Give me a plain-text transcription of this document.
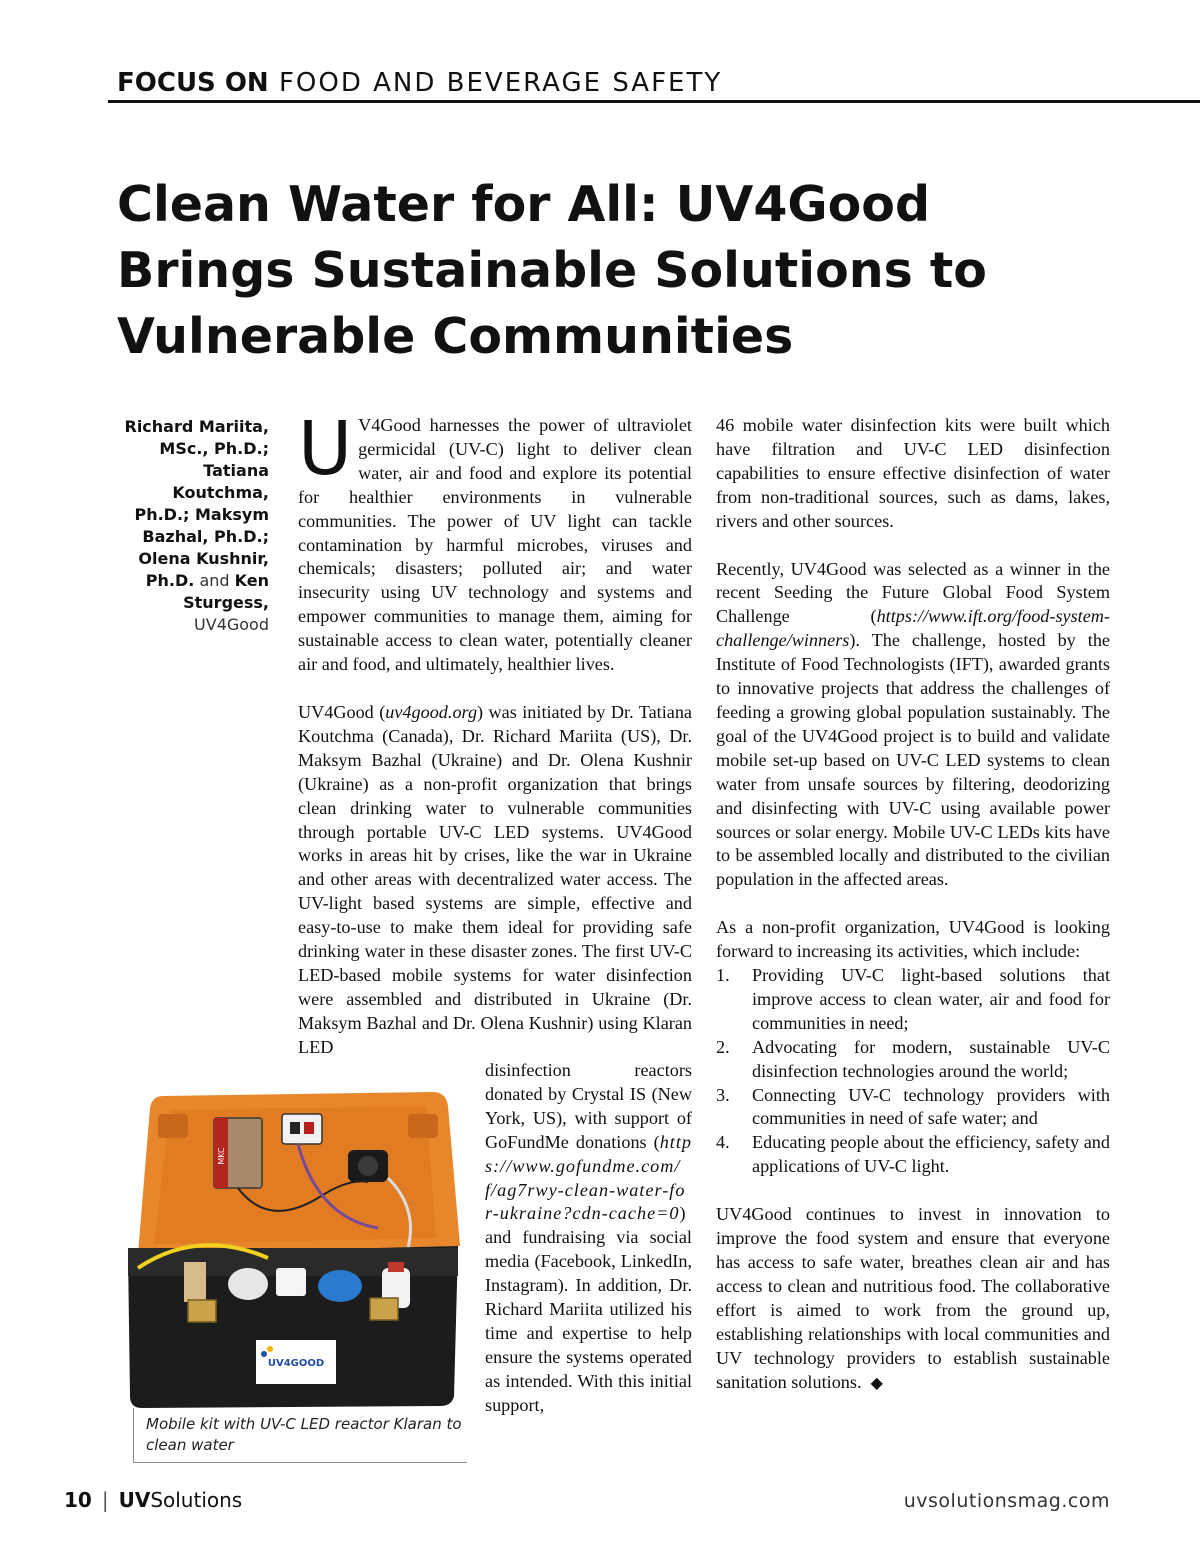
FOCUS ON FOOD AND BEVERAGE SAFETY
Clean Water for All: UV4Good Brings Sustainable Solutions to Vulnerable Communities
Richard Mariita, MSc., Ph.D.; Tatiana Koutchma, Ph.D.; Maksym Bazhal, Ph.D.; Olena Kushnir, Ph.D. and Ken Sturgess,
UV4Good

U V4Good harnesses the power of ultraviolet germicidal (UV-C) light to deliver clean water, air and food and explore its potential for healthier environments in vulnerable communities. The power of UV light can tackle contamination by harmful microbes, viruses and chemicals; disasters; polluted air; and water insecurity using UV technology and systems and empower communities to manage them, aiming for sustainable access to clean water, potentially cleaner air and food, and ultimately, healthier lives.

UV4Good (uv4good.org) was initiated by Dr. Tatiana Koutchma (Canada), Dr. Richard Mariita (US), Dr. Maksym Bazhal (Ukraine) and Dr. Olena Kushnir (Ukraine) as a non-profit organization that brings clean drinking water to vulnerable communities through portable UV-C LED systems. UV4Good works in areas hit by crises, like the war in Ukraine and other areas with decentralized water access. The UV-light based systems are simple, effective and easy-to-use to make them ideal for providing safe drinking water in these disaster zones. The first UV-C LED-based mobile systems for water disinfection were assembled and distributed in Ukraine (Dr. Maksym Bazhal and Dr. Olena Kushnir) using Klaran LED

disinfection reactors donated by Crystal IS (New York, US), with support of GoFundMe donations (https://www.gofundme.com/f/ag7rwy-clean-water-for-ukraine?cdn-cache=0) and fundraising via social media (Facebook, LinkedIn, Instagram). In addition, Dr. Richard Mariita utilized his time and expertise to help ensure the systems operated as intended. With this initial support,

46 mobile water disinfection kits were built which have filtration and UV-C LED disinfection capabilities to ensure effective disinfection of water from non-traditional sources, such as dams, lakes, rivers and other sources.

Recently, UV4Good was selected as a winner in the recent Seeding the Future Global Food System Challenge (https://www.ift.org/food-system-challenge/winners). The challenge, hosted by the Institute of Food Technologists (IFT), awarded grants to innovative projects that address the challenges of feeding a growing global population sustainably. The goal of the UV4Good project is to build and validate mobile set-up based on UV-C LED systems to clean water from unsafe sources by filtering, deodorizing and disinfecting with UV-C using available power sources or solar energy. Mobile UV-C LEDs kits have to be assembled locally and distributed to the civilian population in the affected areas.

As a non-profit organization, UV4Good is looking forward to increasing its activities, which include:

1. Providing UV-C light-based solutions that improve access to clean water, air and food for communities in need;
2. Advocating for modern, sustainable UV-C disinfection technologies around the world;
3. Connecting UV-C technology providers with communities in need of safe water; and
4. Educating people about the efficiency, safety and applications of UV-C light.

UV4Good continues to invest in innovation to improve the food system and ensure that everyone has access to safe water, breathes clean air and has access to clean and nutritious food. The collaborative effort is aimed to work from the ground up, establishing relationships with local communities and UV technology providers to establish sustainable sanitation solutions. ◆

MKC
UV4GOOD
Mobile kit with UV-C LED reactor Klaran to clean water
10 | UVSolutions	uvsolutionsmag.com
